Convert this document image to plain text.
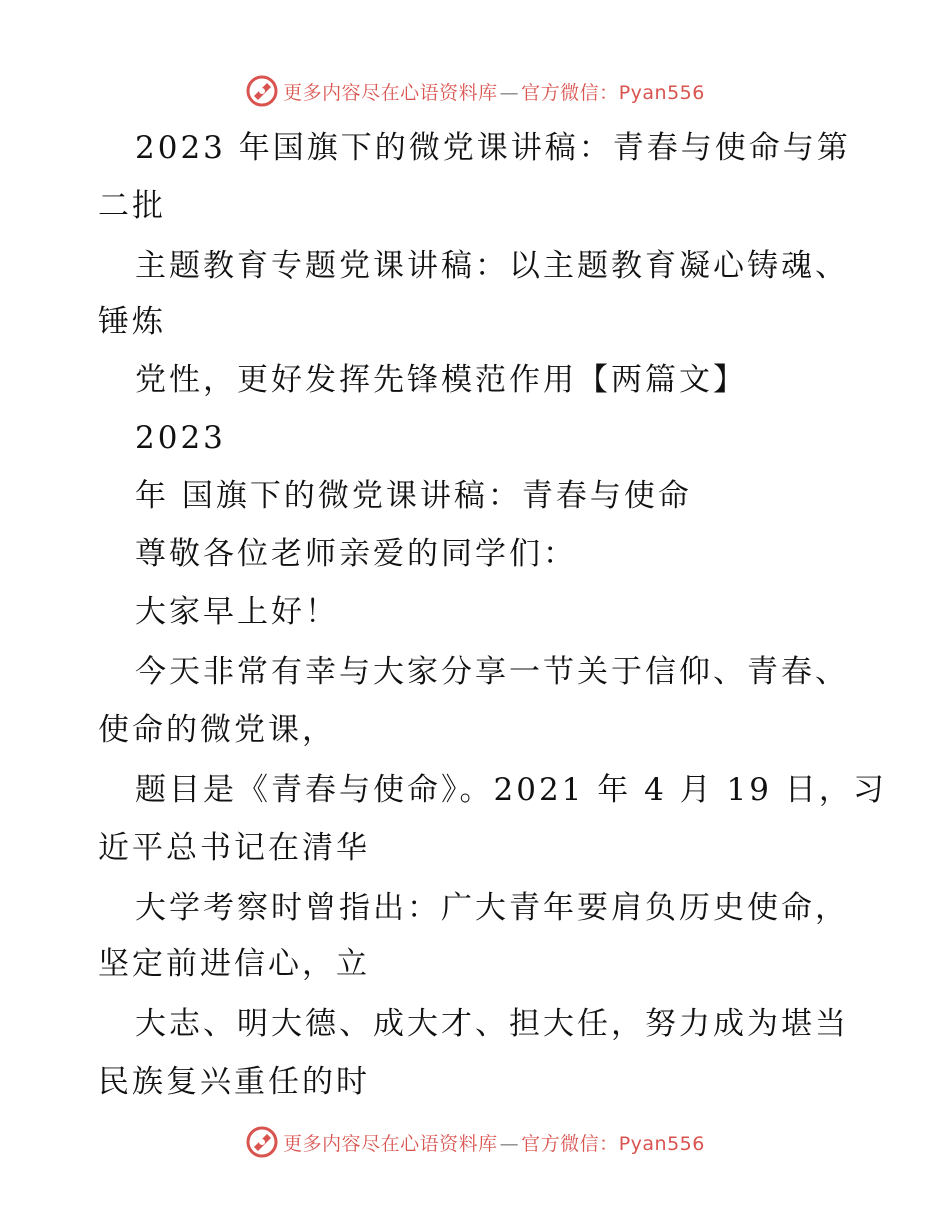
更多内容尽在心语资料库 — 官方微信：Pyan556
2023 年国旗下的微党课讲稿：青春与使命与第
二批
主题教育专题党课讲稿：以主题教育凝心铸魂、
锤炼
党性，更好发挥先锋模范作用【两篇文】
2023
年 国旗下的微党课讲稿：青春与使命
尊敬各位老师亲爱的同学们：
大家早上好！
今天非常有幸与大家分享一节关于信仰、青春、
使命的微党课，
题目是《青春与使命》。2021 年 4 月 19 日，习
近平总书记在清华
大学考察时曾指出：广大青年要肩负历史使命，
坚定前进信心，立
大志、明大德、成大才、担大任，努力成为堪当
民族复兴重任的时
更多内容尽在心语资料库 — 官方微信：Pyan556
